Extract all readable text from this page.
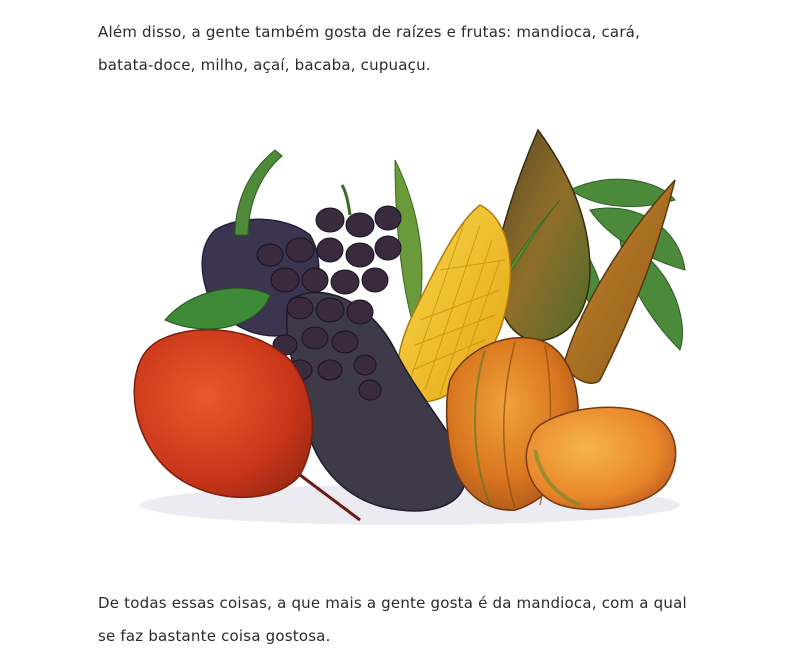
Além disso, a gente também gosta de raízes e frutas: mandioca, cará,
batata-doce, milho, açaí, bacaba, cupuaçu.
De todas essas coisas, a que mais a gente gosta é da mandioca, com a qual
se faz bastante coisa gostosa.
